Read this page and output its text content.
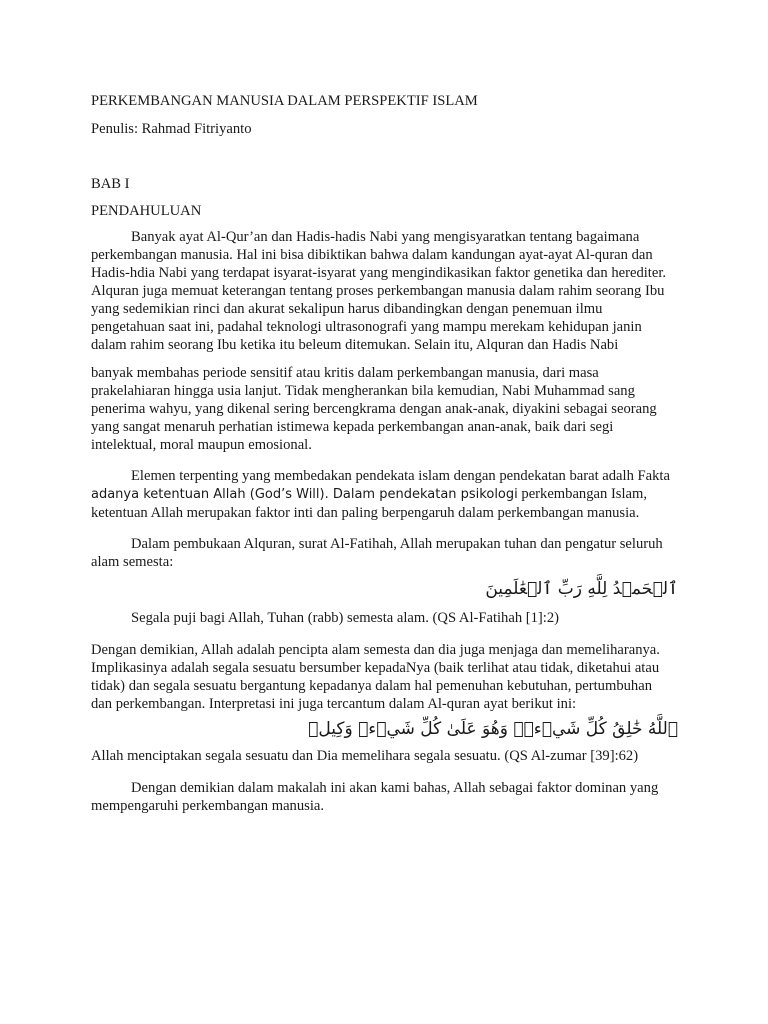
PERKEMBANGAN MANUSIA DALAM PERSPEKTIF ISLAM

Penulis: Rahmad Fitriyanto

BAB I

PENDAHULUAN

Banyak ayat Al-Qur’an dan Hadis-hadis Nabi yang mengisyaratkan tentang bagaimana perkembangan manusia. Hal ini bisa dibiktikan bahwa dalam kandungan ayat-ayat Al-quran dan Hadis-hdia Nabi yang terdapat isyarat-isyarat yang mengindikasikan faktor genetika dan herediter. Alquran juga memuat keterangan tentang proses perkembangan manusia dalam rahim seorang Ibu yang sedemikian rinci dan akurat sekalipun harus dibandingkan dengan penemuan ilmu pengetahuan saat ini, padahal teknologi ultrasonografi yang mampu merekam kehidupan janin dalam rahim seorang Ibu ketika itu beleum ditemukan. Selain itu, Alquran dan Hadis Nabi

banyak membahas periode sensitif atau kritis dalam perkembangan manusia, dari masa prakelahiaran hingga usia lanjut. Tidak mengherankan bila kemudian, Nabi Muhammad sang penerima wahyu, yang dikenal sering bercengkrama dengan anak-anak, diyakini sebagai seorang yang sangat menaruh perhatian istimewa kepada perkembangan anan-anak, baik dari segi intelektual, moral maupun emosional.

Elemen terpenting yang membedakan pendekata islam dengan pendekatan barat adalh Fakta
adanya ketentuan Allah (God’s Will). Dalam pendekatan psikologi perkembangan Islam, ketentuan Allah merupakan faktor inti dan paling berpengaruh dalam perkembangan manusia.

Dalam pembukaan Alquran, surat Al-Fatihah, Allah merupakan tuhan dan pengatur seluruh alam semesta:

ٱلۡحَمۡدُ لِلَّهِ رَبِّ ٱلۡعَٰلَمِينَ

Segala puji bagi Allah, Tuhan (rabb) semesta alam. (QS Al-Fatihah [1]:2)

Dengan demikian, Allah adalah pencipta alam semesta dan dia juga menjaga dan memeliharanya. Implikasinya adalah segala sesuatu bersumber kepadaNya (baik terlihat atau tidak, diketahui atau tidak) dan segala sesuatu bergantung kepadanya dalam hal pemenuhan kebutuhan, pertumbuhan dan perkembangan. Interpretasi ini juga tercantum dalam Al-quran ayat berikut ini:

ٱللَّهُ خَٰلِقُ كُلِّ شَيۡءٖۖ وَهُوَ عَلَىٰ كُلِّ شَيۡءٖ وَكِيلٞ

Allah menciptakan segala sesuatu dan Dia memelihara segala sesuatu. (QS Al-zumar [39]:62)

Dengan demikian dalam makalah ini akan kami bahas, Allah sebagai faktor dominan yang mempengaruhi perkembangan manusia.
